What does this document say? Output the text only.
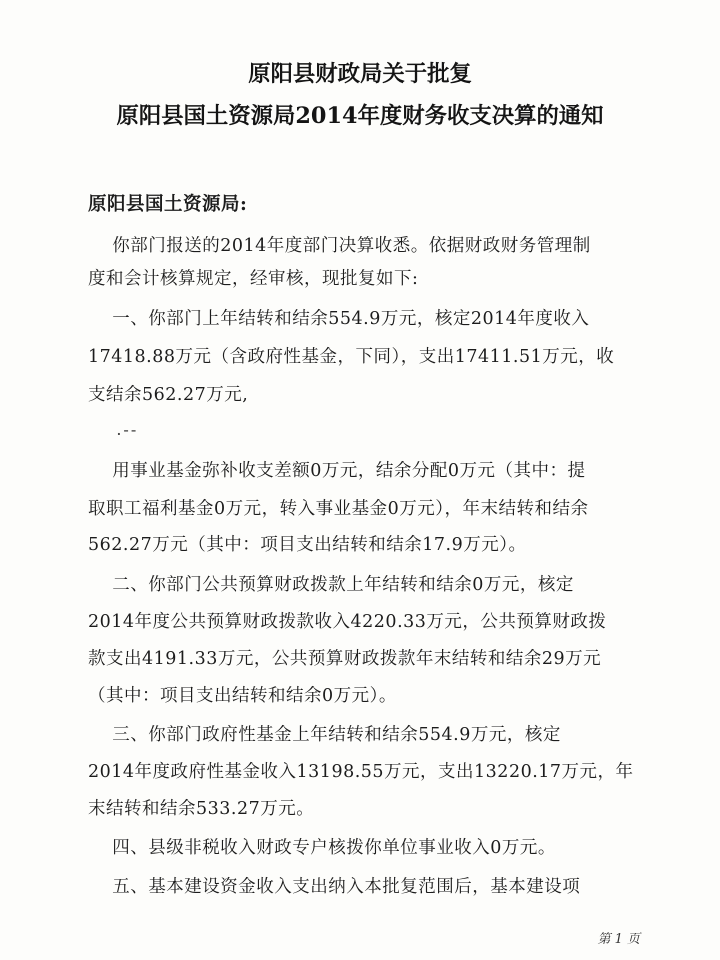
原阳县财政局关于批复
原阳县国土资源局2014年度财务收支决算的通知
原阳县国土资源局:
你部门报送的2014年度部门决算收悉。依据财政财务管理制
度和会计核算规定，经审核，现批复如下:
一、你部门上年结转和结余554.9万元，核定2014年度收入
17418.88万元（含政府性基金，下同），支出17411.51万元，收
支结余562.27万元,
.--
用事业基金弥补收支差额0万元，结余分配0万元（其中：提
取职工福利基金0万元，转入事业基金0万元），年末结转和结余
562.27万元（其中：项目支出结转和结余17.9万元）。
二、你部门公共预算财政拨款上年结转和结余0万元，核定
2014年度公共预算财政拨款收入4220.33万元，公共预算财政拨
款支出4191.33万元，公共预算财政拨款年末结转和结余29万元
（其中：项目支出结转和结余0万元）。
三、你部门政府性基金上年结转和结余554.9万元，核定
2014年度政府性基金收入13198.55万元，支出13220.17万元，年
末结转和结余533.27万元。
四、县级非税收入财政专户核拨你单位事业收入0万元。
五、基本建设资金收入支出纳入本批复范围后，基本建设项
第 1 页
